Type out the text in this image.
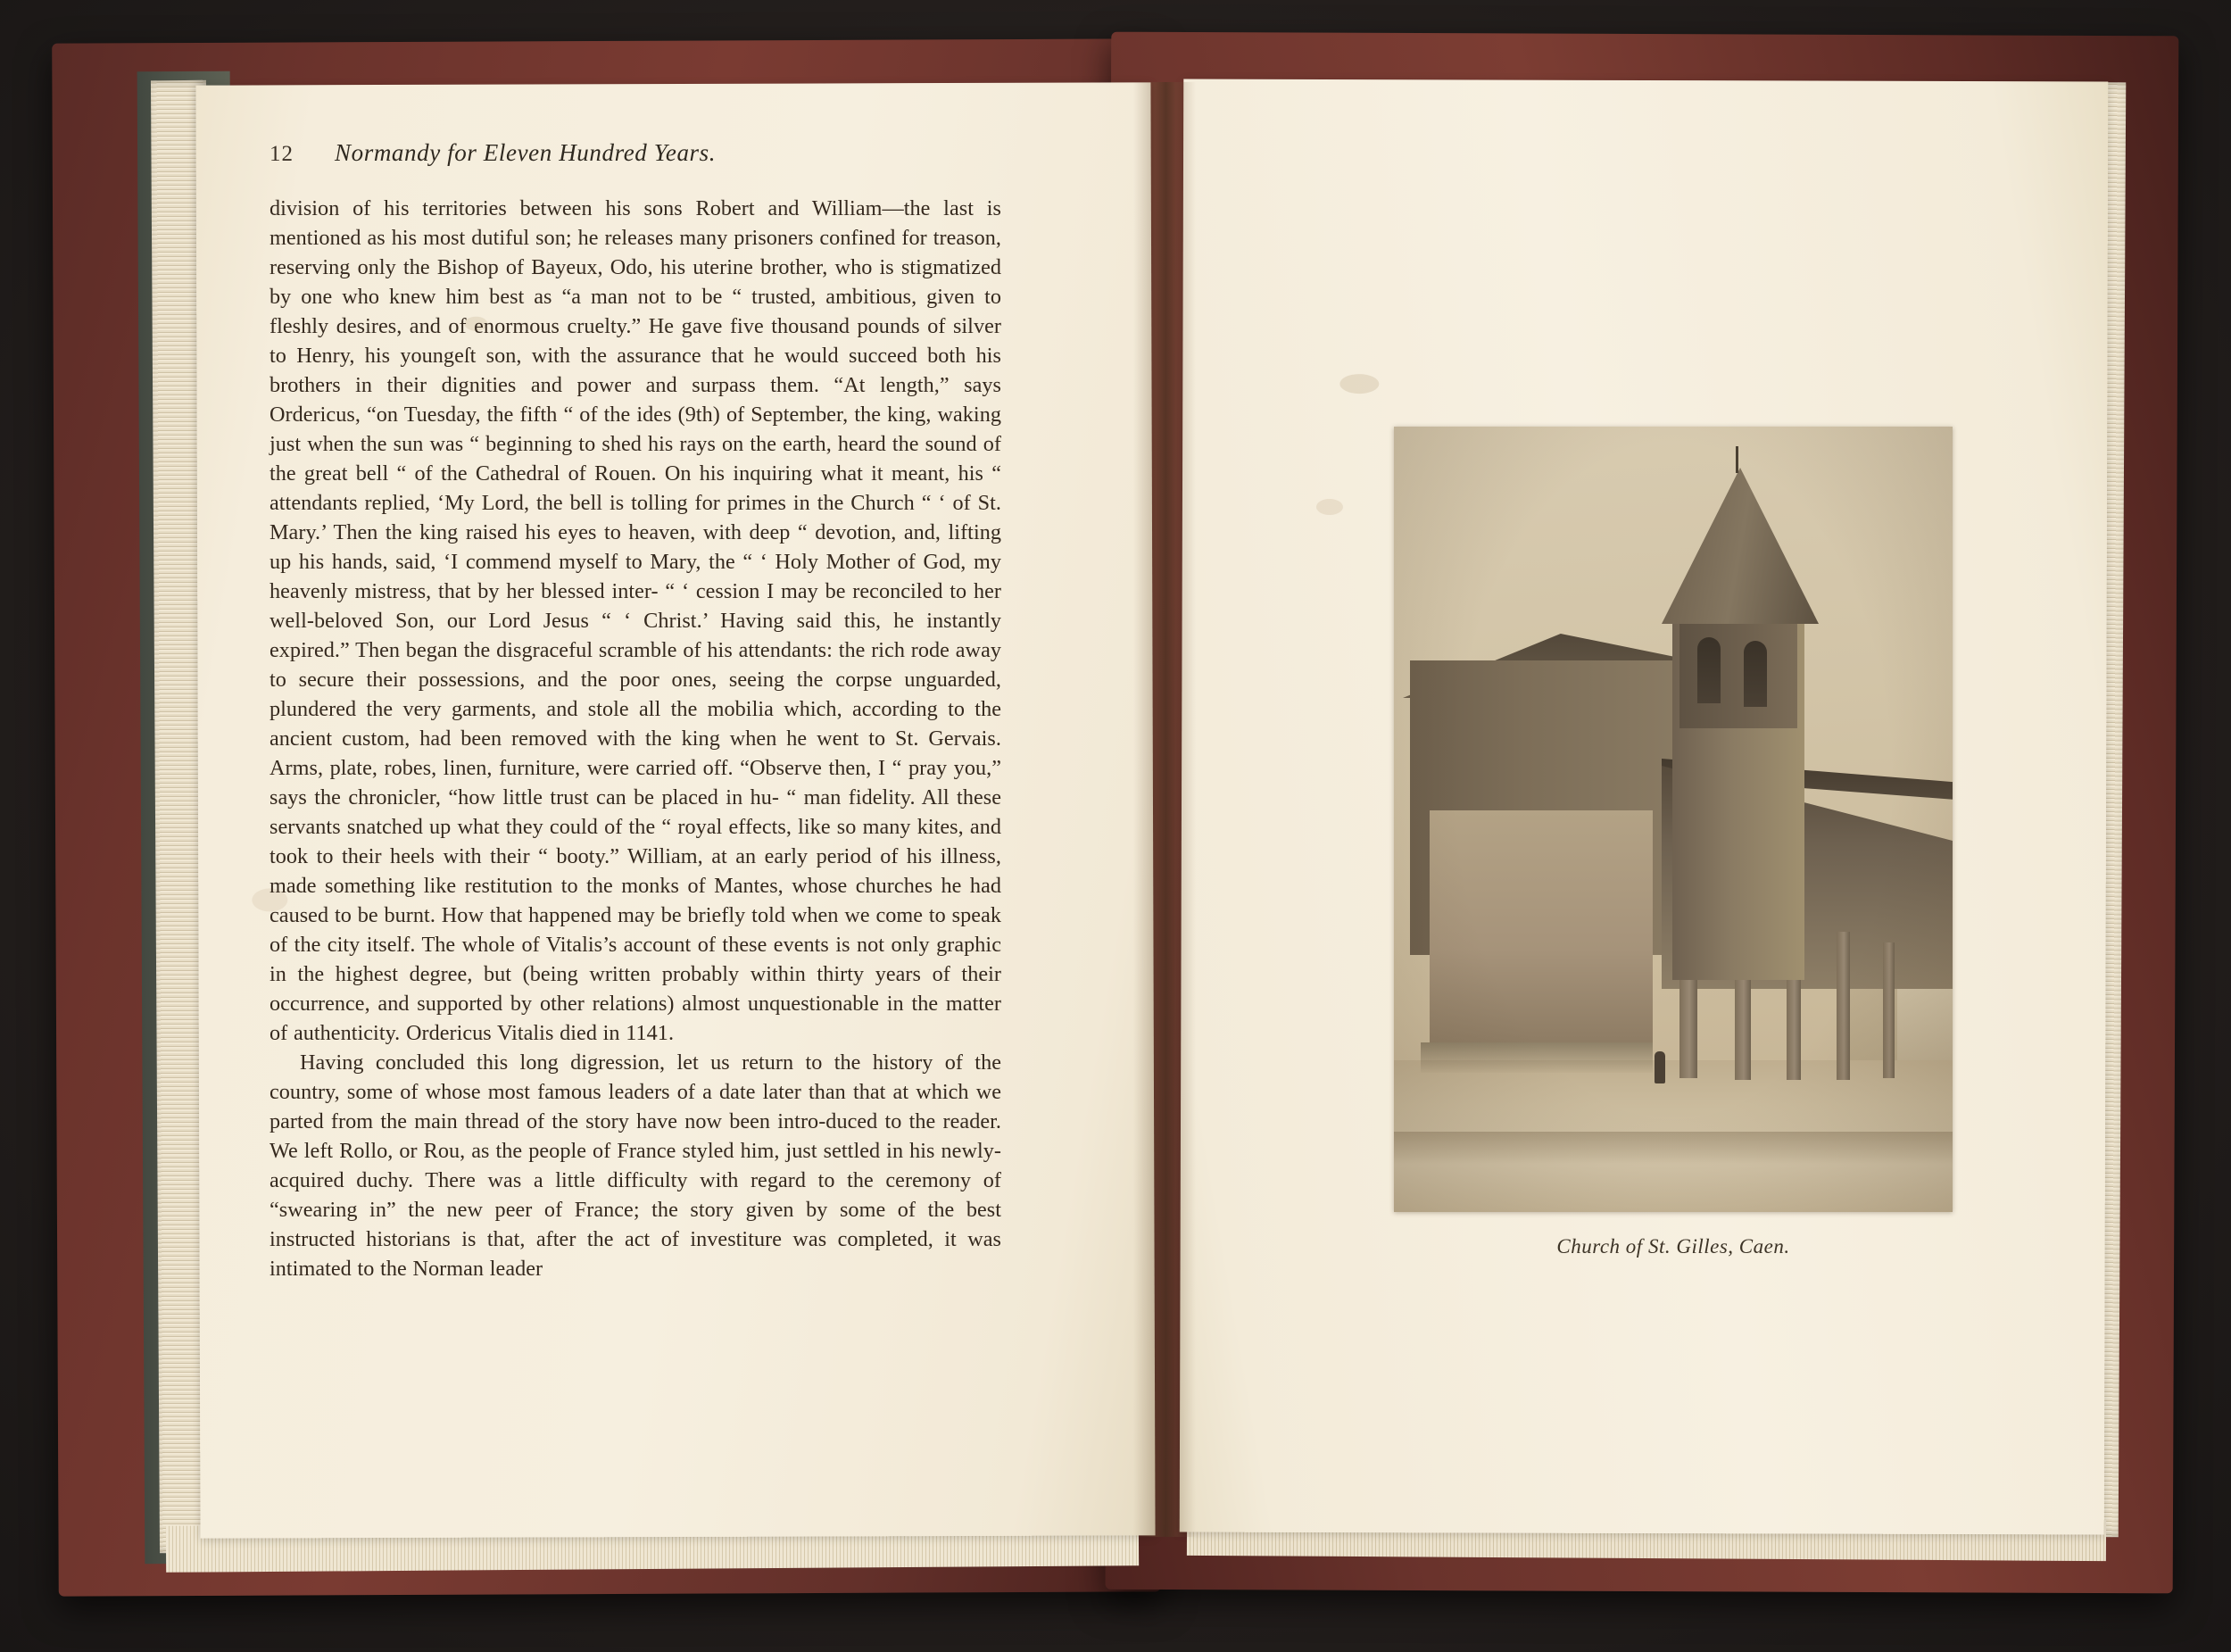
12 Normandy for Eleven Hundred Years.

division of his territories between his sons Robert and William—the last is mentioned as his most dutiful son; he releases many prisoners confined for treason, reserving only the Bishop of Bayeux, Odo, his uterine brother, who is stigmatized by one who knew him best as “a man not to be “ trusted, ambitious, given to fleshly desires, and of enormous cruelty.” He gave five thousand pounds of silver to Henry, his youngeſt son, with the assurance that he would succeed both his brothers in their dignities and power and surpass them. “At length,” says Ordericus, “on Tuesday, the fifth “ of the ides (9th) of September, the king, waking just when the sun was “ beginning to shed his rays on the earth, heard the sound of the great bell “ of the Cathedral of Rouen. On his inquiring what it meant, his “ attendants replied, ‘My Lord, the bell is tolling for primes in the Church “ ‘ of St. Mary.’ Then the king raised his eyes to heaven, with deep “ devotion, and, lifting up his hands, said, ‘I commend myself to Mary, the “ ‘ Holy Mother of God, my heavenly mistress, that by her blessed inter- “ ‘ cession I may be reconciled to her well-beloved Son, our Lord Jesus “ ‘ Christ.’ Having said this, he instantly expired.” Then began the disgraceful scramble of his attendants: the rich rode away to secure their possessions, and the poor ones, seeing the corpse unguarded, plundered the very garments, and stole all the mobilia which, according to the ancient custom, had been removed with the king when he went to St. Gervais. Arms, plate, robes, linen, furniture, were carried off. “Observe then, I “ pray you,” says the chronicler, “how little trust can be placed in hu- “ man fidelity. All these servants snatched up what they could of the “ royal effects, like so many kites, and took to their heels with their “ booty.” William, at an early period of his illness, made something like restitution to the monks of Mantes, whose churches he had caused to be burnt. How that happened may be briefly told when we come to speak of the city itself. The whole of Vitalis’s account of these events is not only graphic in the highest degree, but (being written probably within thirty years of their occurrence, and supported by other relations) almost unquestionable in the matter of authenticity. Ordericus Vitalis died in 1141.

Having concluded this long digression, let us return to the history of the country, some of whose most famous leaders of a date later than that at which we parted from the main thread of the story have now been intro-duced to the reader. We left Rollo, or Rou, as the people of France styled him, just settled in his newly-acquired duchy. There was a little difficulty with regard to the ceremony of “swearing in” the new peer of France; the story given by some of the best instructed historians is that, after the act of investiture was completed, it was intimated to the Norman leader

Church of St. Gilles, Caen.
